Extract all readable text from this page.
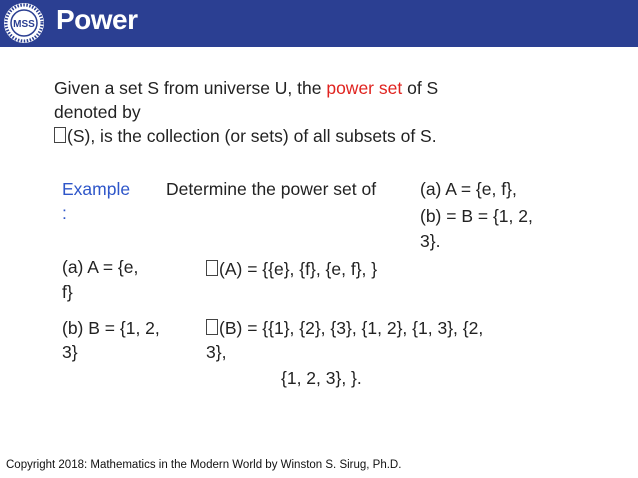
MSS Power
Given a set S from universe U, the power set of S
denoted by
(S), is the collection (or sets) of all subsets of S.
Example
:
Determine the power set of	(a) A = {e, f},
(b) = B = {1, 2,
3}.
(a) A = {e,
f}
(A) = {{e}, {f}, {e, f}, }
(b) B = {1, 2,
3}
(B) = {{1}, {2}, {3}, {1, 2}, {1, 3}, {2,
3},
{1, 2, 3}, }.
Copyright 2018: Mathematics in the Modern World by Winston S. Sirug, Ph.D.
